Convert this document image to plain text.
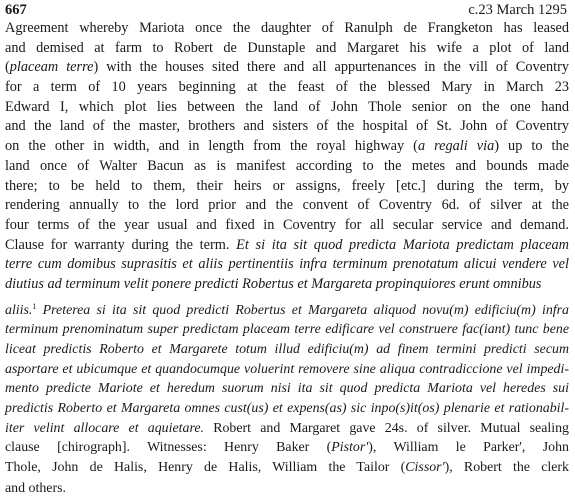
667	c.23 March 1295
Agreement whereby Mariota once the daughter of Ranulph de Frangketon has leased
and demised at farm to Robert de Dunstaple and Margaret his wife a plot of land
(placeam terre) with the houses sited there and all appurtenances in the vill of Coventry
for a term of 10 years beginning at the feast of the blessed Mary in March 23
Edward I, which plot lies between the land of John Thole senior on the one hand
and the land of the master, brothers and sisters of the hospital of St. John of Coventry
on the other in width, and in length from the royal highway (a regali via) up to the
land once of Walter Bacun as is manifest according to the metes and bounds made
there; to be held to them, their heirs or assigns, freely [etc.] during the term, by
rendering annually to the lord prior and the convent of Coventry 6d. of silver at the
four terms of the year usual and fixed in Coventry for all secular service and demand.
Clause for warranty during the term. Et si ita sit quod predicta Mariota predictam placeam
terre cum domibus suprasitis et aliis pertinentiis infra terminum prenotatum alicui vendere vel
diutius ad terminum velit ponere predicti Robertus et Margareta propinquiores erunt omnibus
aliis.$^1$ Preterea si ita sit quod predicti Robertus et Margareta aliquod novu(m) edificiu(m) infra
terminum prenominatum super predictam placeam terre edificare vel construere fac(iant) tunc bene
liceat predictis Roberto et Margarete totum illud edificiu(m) ad finem termini predicti secum
asportare et ubicumque et quandocumque voluerint removere sine aliqua contradiccione vel impedi-
mento predicte Mariote et heredum suorum nisi ita sit quod predicta Mariota vel heredes sui
predictis Roberto et Margareta omnes cust(us) et expens(as) sic inpo(s)it(os) plenarie et rationabil-
iter velint allocare et aquietare. Robert and Margaret gave 24s. of silver. Mutual sealing
clause [chirograph]. Witnesses: Henry Baker (Pistor'), William le Parker', John
Thole, John de Halis, Henry de Halis, William the Tailor (Cissor'), Robert the clerk
and others.
